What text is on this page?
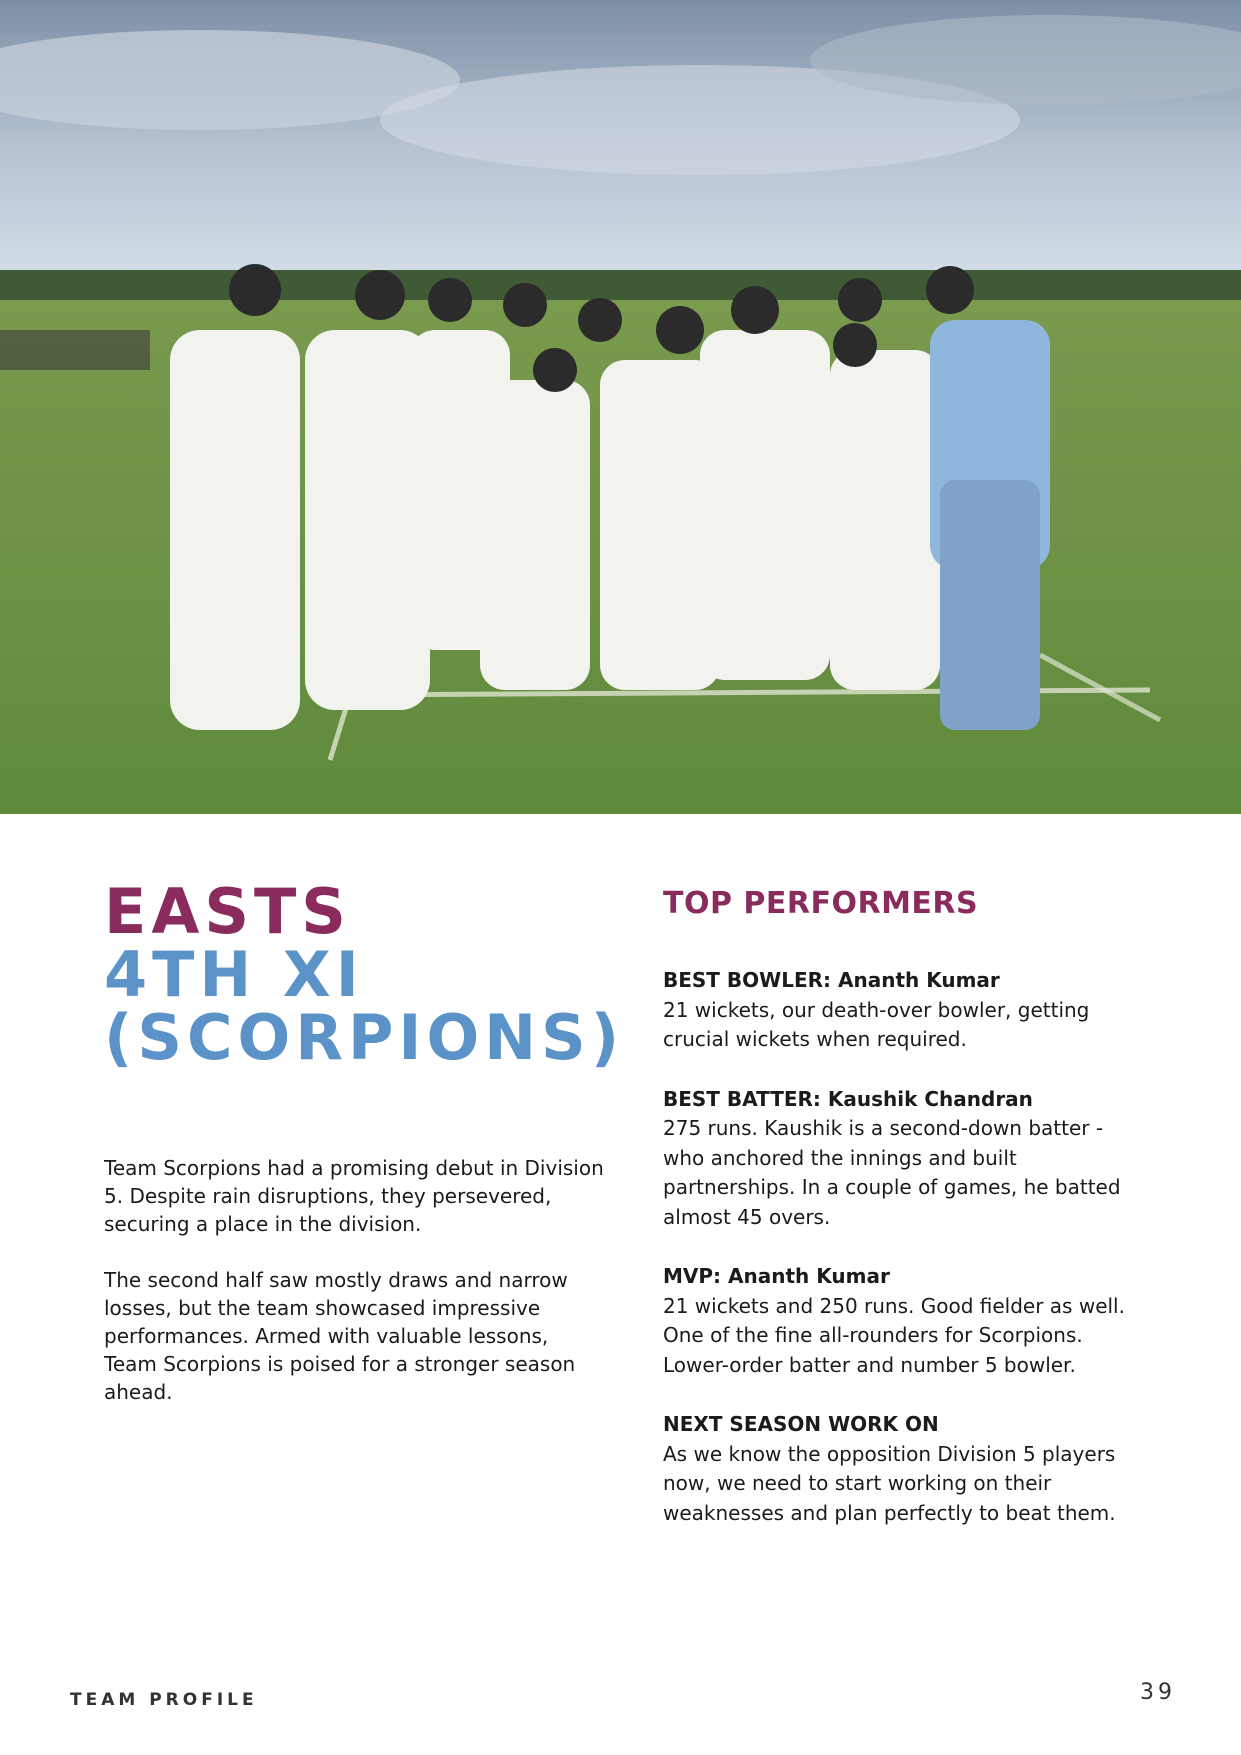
EASTS
4TH XI
(SCORPIONS)

Team Scorpions had a promising debut in Division 5. Despite rain disruptions, they persevered, securing a place in the division.

The second half saw mostly draws and narrow losses, but the team showcased impressive performances. Armed with valuable lessons, Team Scorpions is poised for a stronger season ahead.

TOP PERFORMERS
BEST BOWLER: Ananth Kumar
21 wickets, our death-over bowler, getting crucial wickets when required.
BEST BATTER: Kaushik Chandran
275 runs. Kaushik is a second-down batter - who anchored the innings and built partnerships. In a couple of games, he batted almost 45 overs.
MVP: Ananth Kumar
21 wickets and 250 runs. Good fielder as well. One of the fine all-rounders for Scorpions. Lower-order batter and number 5 bowler.
NEXT SEASON WORK ON
As we know the opposition Division 5 players now, we need to start working on their weaknesses and plan perfectly to beat them.
TEAM PROFILE	39
